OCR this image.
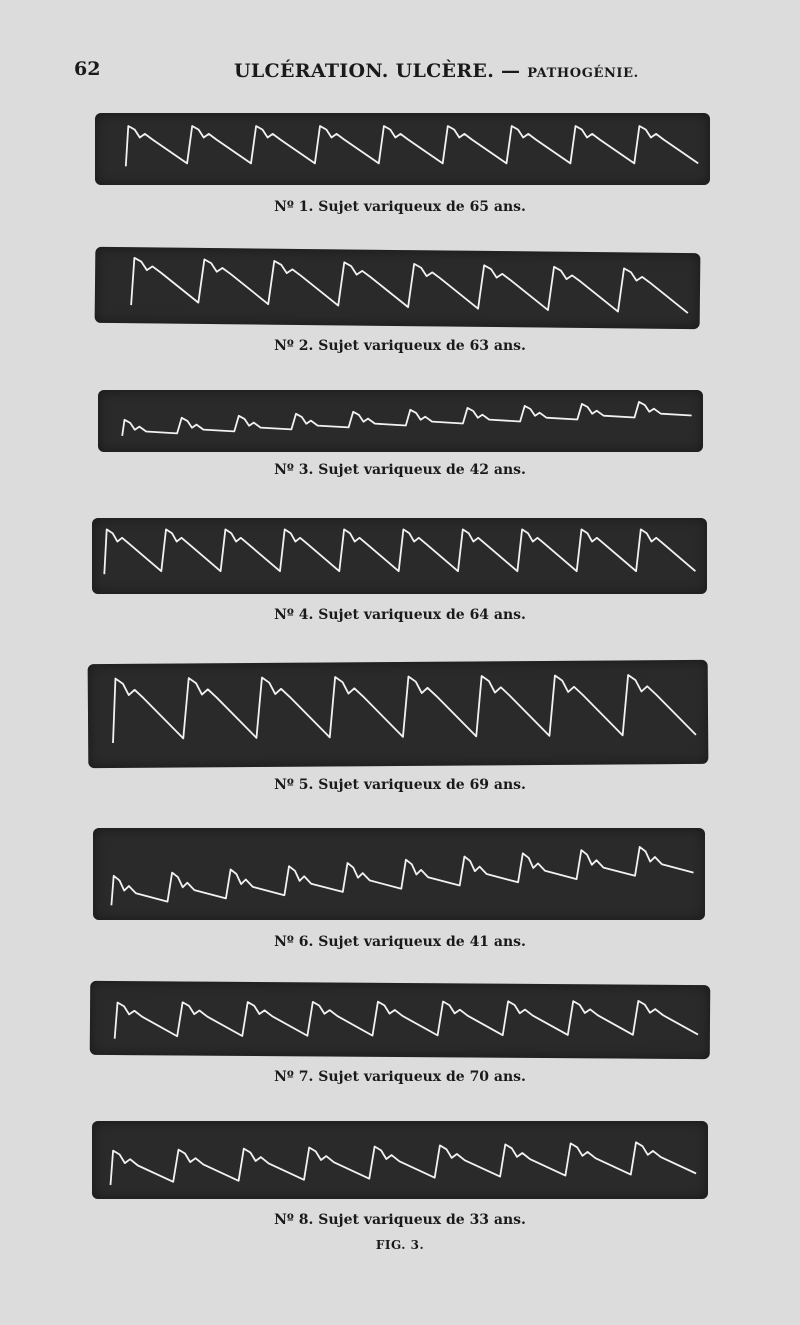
62	ULCÉRATION. ULCÈRE. — PATHOGÉNIE.
Nº 1. Sujet variqueux de 65 ans.
Nº 2. Sujet variqueux de 63 ans.
Nº 3. Sujet variqueux de 42 ans.
Nº 4. Sujet variqueux de 64 ans.
Nº 5. Sujet variqueux de 69 ans.
Nº 6. Sujet variqueux de 41 ans.
Nº 7. Sujet variqueux de 70 ans.
Nº 8. Sujet variqueux de 33 ans.
FIG. 3.
